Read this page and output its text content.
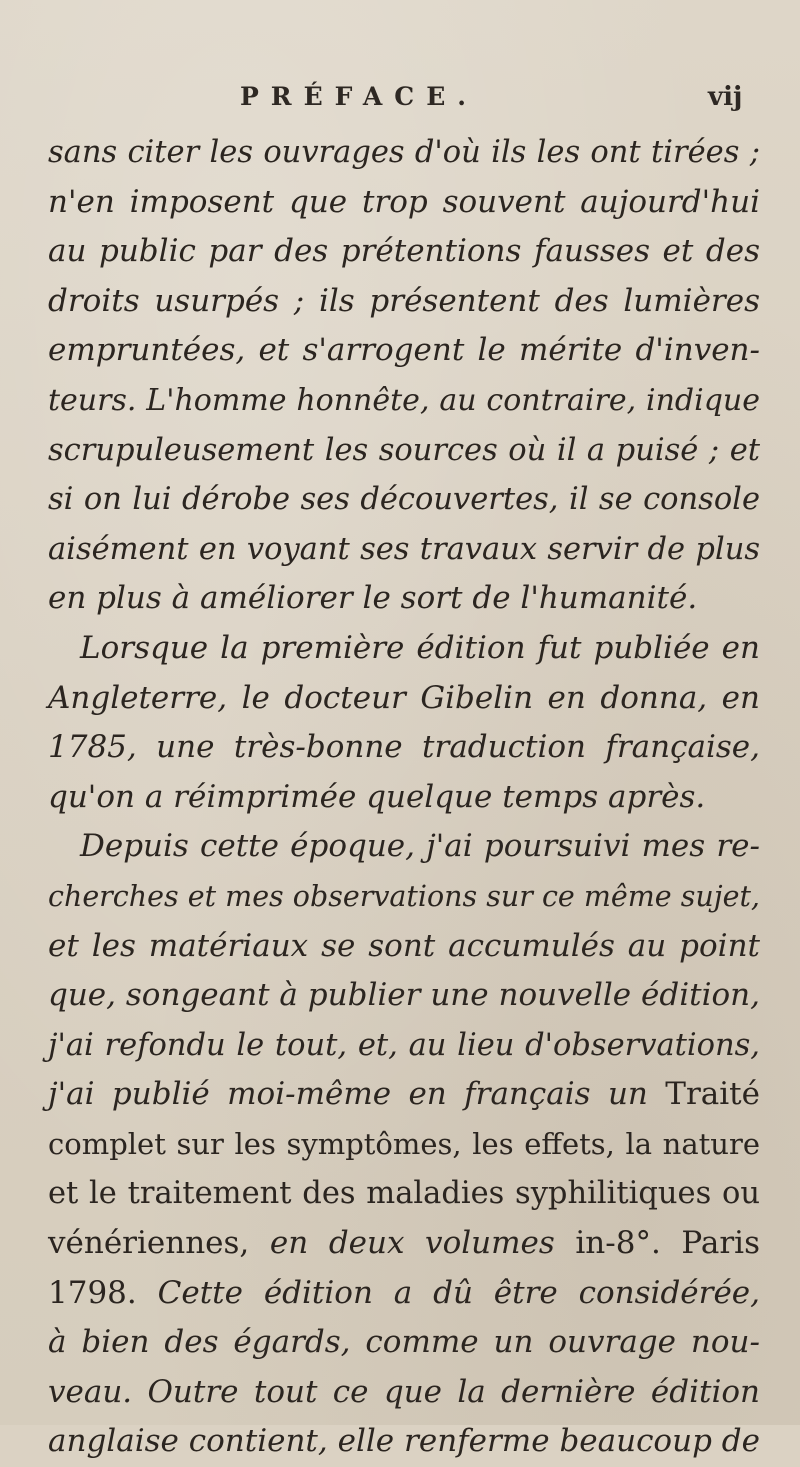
PRÉFACE.	vij
sans citer les ouvrages d'où ils les ont tirées ;
n'en imposent que trop souvent aujourd'hui
au public par des prétentions fausses et des
droits usurpés ; ils présentent des lumières
empruntées, et s'arrogent le mérite d'inven-
teurs. L'homme honnête, au contraire, indique
scrupuleusement les sources où il a puisé ; et
si on lui dérobe ses découvertes, il se console
aisément en voyant ses travaux servir de plus
en plus à améliorer le sort de l'humanité.
Lorsque la première édition fut publiée en
Angleterre, le docteur Gibelin en donna, en
1785, une très-bonne traduction française,
qu'on a réimprimée quelque temps après.
Depuis cette époque, j'ai poursuivi mes re-
cherches et mes observations sur ce même sujet,
et les matériaux se sont accumulés au point
que, songeant à publier une nouvelle édition,
j'ai refondu le tout, et, au lieu d'observations,
j'ai publié moi-même en français un Traité
complet sur les symptômes, les effets, la nature
et le traitement des maladies syphilitiques ou
vénériennes, en deux volumes in-8°. Paris
1798. Cette édition a dû être considérée,
à bien des égards, comme un ouvrage nou-
veau. Outre tout ce que la dernière édition
anglaise contient, elle renferme beaucoup de
